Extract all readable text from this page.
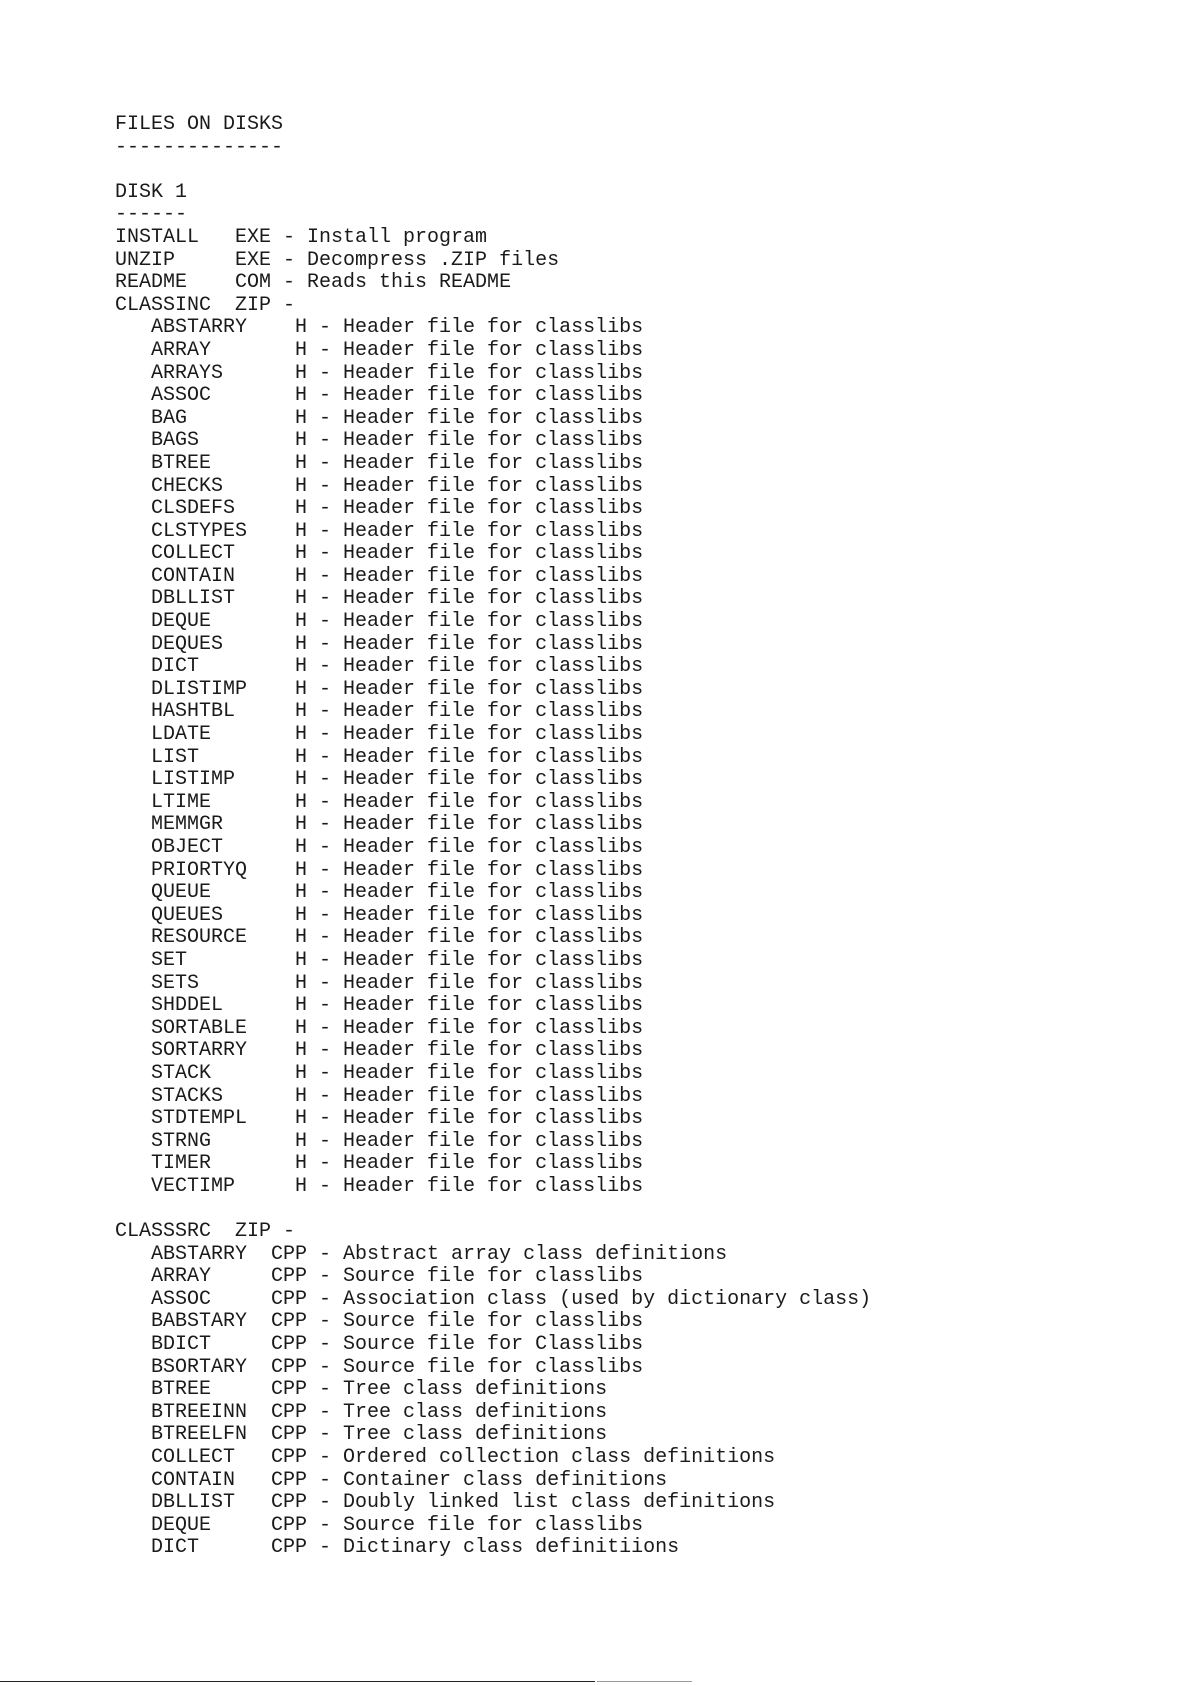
FILES ON DISKS
--------------

DISK 1
------
INSTALL   EXE - Install program
UNZIP     EXE - Decompress .ZIP files
README    COM - Reads this README
CLASSINC  ZIP -
ABSTARRY    H - Header file for classlibs
ARRAY       H - Header file for classlibs
ARRAYS      H - Header file for classlibs
ASSOC       H - Header file for classlibs
BAG         H - Header file for classlibs
BAGS        H - Header file for classlibs
BTREE       H - Header file for classlibs
CHECKS      H - Header file for classlibs
CLSDEFS     H - Header file for classlibs
CLSTYPES    H - Header file for classlibs
COLLECT     H - Header file for classlibs
CONTAIN     H - Header file for classlibs
DBLLIST     H - Header file for classlibs
DEQUE       H - Header file for classlibs
DEQUES      H - Header file for classlibs
DICT        H - Header file for classlibs
DLISTIMP    H - Header file for classlibs
HASHTBL     H - Header file for classlibs
LDATE       H - Header file for classlibs
LIST        H - Header file for classlibs
LISTIMP     H - Header file for classlibs
LTIME       H - Header file for classlibs
MEMMGR      H - Header file for classlibs
OBJECT      H - Header file for classlibs
PRIORTYQ    H - Header file for classlibs
QUEUE       H - Header file for classlibs
QUEUES      H - Header file for classlibs
RESOURCE    H - Header file for classlibs
SET         H - Header file for classlibs
SETS        H - Header file for classlibs
SHDDEL      H - Header file for classlibs
SORTABLE    H - Header file for classlibs
SORTARRY    H - Header file for classlibs
STACK       H - Header file for classlibs
STACKS      H - Header file for classlibs
STDTEMPL    H - Header file for classlibs
STRNG       H - Header file for classlibs
TIMER       H - Header file for classlibs
VECTIMP     H - Header file for classlibs

CLASSSRC  ZIP -
ABSTARRY  CPP - Abstract array class definitions
ARRAY     CPP - Source file for classlibs
ASSOC     CPP - Association class (used by dictionary class)
BABSTARY  CPP - Source file for classlibs
BDICT     CPP - Source file for Classlibs
BSORTARY  CPP - Source file for classlibs
BTREE     CPP - Tree class definitions
BTREEINN  CPP - Tree class definitions
BTREELFN  CPP - Tree class definitions
COLLECT   CPP - Ordered collection class definitions
CONTAIN   CPP - Container class definitions
DBLLIST   CPP - Doubly linked list class definitions
DEQUE     CPP - Source file for classlibs
DICT      CPP - Dictinary class definitiions
